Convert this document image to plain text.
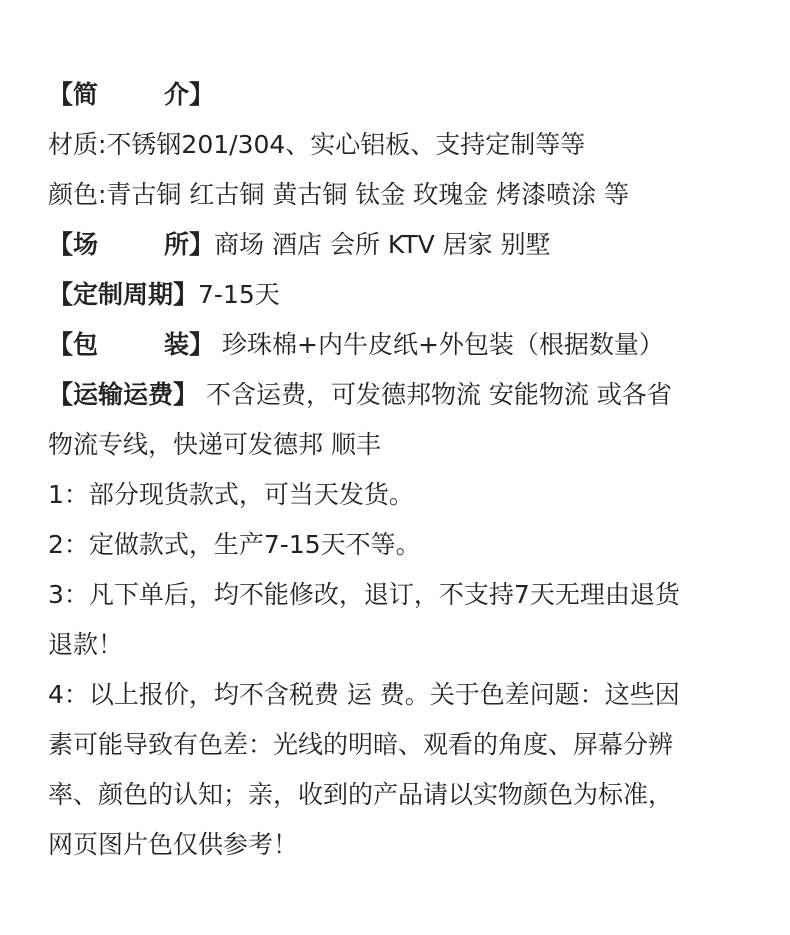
【简	介】
材质:不锈钢201/304、实心铝板、支持定制等等
颜色:青古铜 红古铜 黄古铜 钛金 玫瑰金 烤漆喷涂 等
【场	所】商场 酒店 会所 KTV 居家 别墅
【定制周期】7-15天
【包	装】 珍珠棉+内牛皮纸+外包装（根据数量）
【运输运费】 不含运费，可发德邦物流 安能物流 或各省
物流专线，快递可发德邦 顺丰
1：部分现货款式，可当天发货。
2：定做款式，生产7-15天不等。
3：凡下单后，均不能修改，退订，不支持7天无理由退货
退款！
4：以上报价，均不含税费 运 费。关于色差问题：这些因
素可能导致有色差：光线的明暗、观看的角度、屏幕分辨
率、颜色的认知；亲，收到的产品请以实物颜色为标准，
网页图片色仅供参考！
